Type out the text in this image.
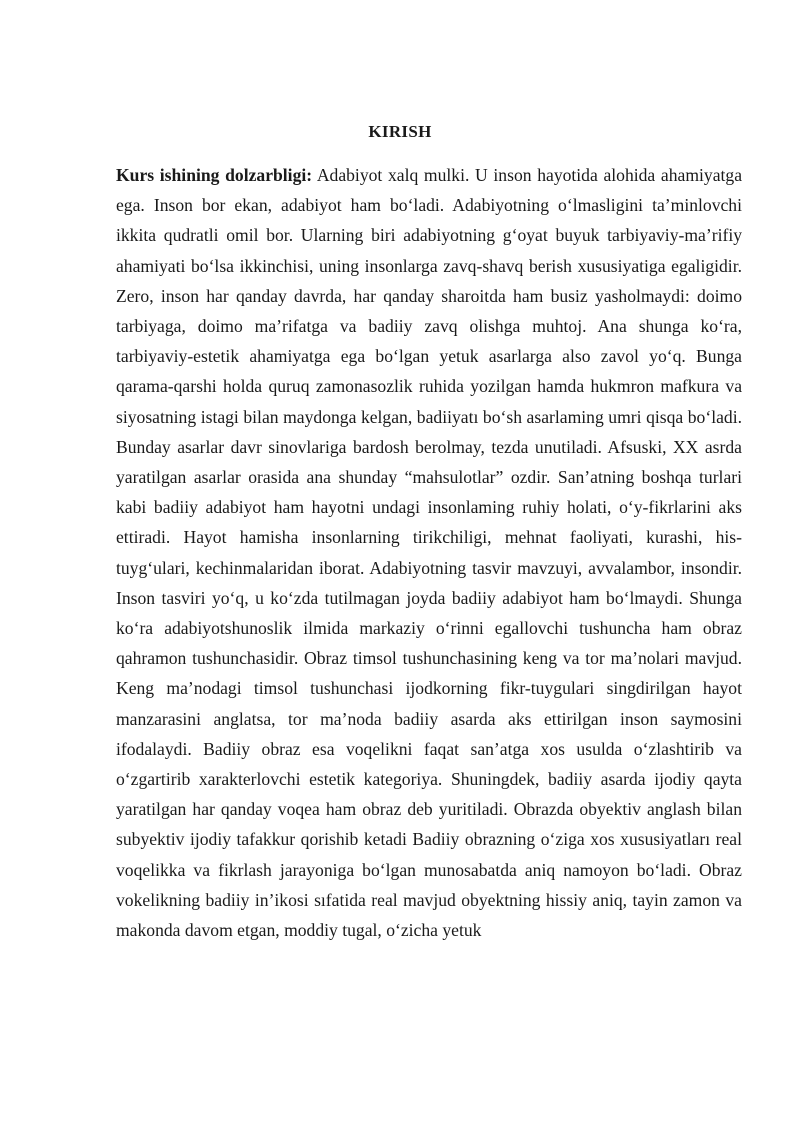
KIRISH

Kurs ishining dolzarbligi: Adabiyot xalq mulki. U inson hayotida alohida ahamiyatga ega. Inson bor ekan, adabiyot ham bo‘ladi. Adabiyotning o‘lmasligini ta’minlovchi ikkita qudratli omil bor. Ularning biri adabiyotning g‘oyat buyuk tarbiyaviy-ma’rifiy ahamiyati bo‘lsa ikkinchisi, uning insonlarga zavq-shavq berish xususiyatiga egaligidir. Zero, inson har qanday davrda, har qanday sharoitda ham busiz yasholmaydi: doimo tarbiyaga, doimo ma’rifatga va badiiy zavq olishga muhtoj. Ana shunga ko‘ra, tarbiyaviy-estetik ahamiyatga ega bo‘lgan yetuk asarlarga also zavol yo‘q. Bunga qarama-qarshi holda quruq zamonasozlik ruhida yozilgan hamda hukmron mafkura va siyosatning istagi bilan maydonga kelgan, badiiyatı bo‘sh asarlaming umri qisqa bo‘ladi. Bunday asarlar davr sinovlariga bardosh berolmay, tezda unutiladi. Afsuski, XX asrda yaratilgan asarlar orasida ana shunday “mahsulotlar” ozdir. San’atning boshqa turlari kabi badiiy adabiyot ham hayotni undagi insonlaming ruhiy holati, o‘y-fikrlarini aks ettiradi. Hayot hamisha insonlarning tirikchiligi, mehnat faoliyati, kurashi, his-tuyg‘ulari, kechinmalaridan iborat. Adabiyotning tasvir mavzuyi, avvalambor, insondir. Inson tasviri yo‘q, u ko‘zda tutilmagan joyda badiiy adabiyot ham bo‘lmaydi. Shunga ko‘ra adabiyotshunoslik ilmida markaziy o‘rinni egallovchi tushuncha ham obraz qahramon tushunchasidir. Obraz timsol tushunchasining keng va tor ma’nolari mavjud. Keng ma’nodagi timsol tushunchasi ijodkorning fikr-tuygulari singdirilgan hayot manzarasini anglatsa, tor ma’noda badiiy asarda aks ettirilgan inson saymosini ifodalaydi. Badiiy obraz esa voqelikni faqat san’atga xos usulda o‘zlashtirib va o‘zgartirib xarakterlovchi estetik kategoriya. Shuningdek, badiiy asarda ijodiy qayta yaratilgan har qanday voqea ham obraz deb yuritiladi. Obrazda obyektiv anglash bilan subyektiv ijodiy tafakkur qorishib ketadi Badiiy obrazning o‘ziga xos xususiyatları real voqelikka va fikrlash jarayoniga bo‘lgan munosabatda aniq namoyon bo‘ladi. Obraz vokelikning badiiy in’ikosi sıfatida real mavjud obyektning hissiy aniq, tayin zamon va makonda davom etgan, moddiy tugal, o‘zicha yetuk
